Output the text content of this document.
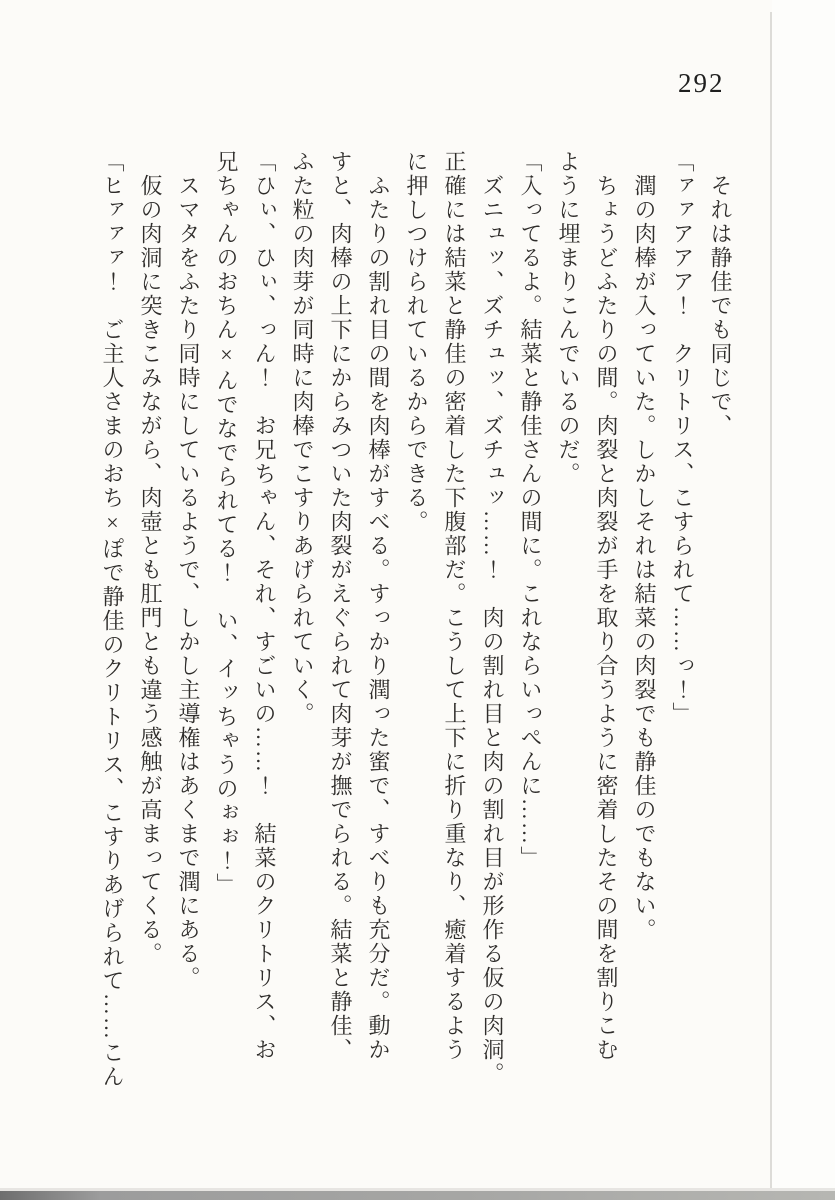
292

それは静佳でも同じで、

「ァァアアア！　クリトリス、こすられて……っ！」

潤の肉棒が入っていた。しかしそれは結菜の肉裂でも静佳のでもない。

ちょうどふたりの間。肉裂と肉裂が手を取り合うように密着したその間を割りこむ

ように埋まりこんでいるのだ。

「入ってるよ。結菜と静佳さんの間に。これならいっぺんに……」

ズニュッ、ズチュッ、ズチュッ……！　肉の割れ目と肉の割れ目が形作る仮の肉洞。

正確には結菜と静佳の密着した下腹部だ。こうして上下に折り重なり、癒着するよう

に押しつけられているからできる。

ふたりの割れ目の間を肉棒がすべる。すっかり潤った蜜で、すべりも充分だ。動か

すと、肉棒の上下にからみついた肉裂がえぐられて肉芽が撫でられる。結菜と静佳、

ふた粒の肉芽が同時に肉棒でこすりあげられていく。

「ひぃ、ひぃ、っん！　お兄ちゃん、それ、すごいの……！　結菜のクリトリス、お

兄ちゃんのおちん×んでなでられてる！　い、イッちゃうのぉぉ！」

スマタをふたり同時にしているようで、しかし主導権はあくまで潤にある。

仮の肉洞に突きこみながら、肉壺とも肛門とも違う感触が高まってくる。

「ヒァァァ！　ご主人さまのおち×ぽで静佳のクリトリス、こすりあげられて……こん
